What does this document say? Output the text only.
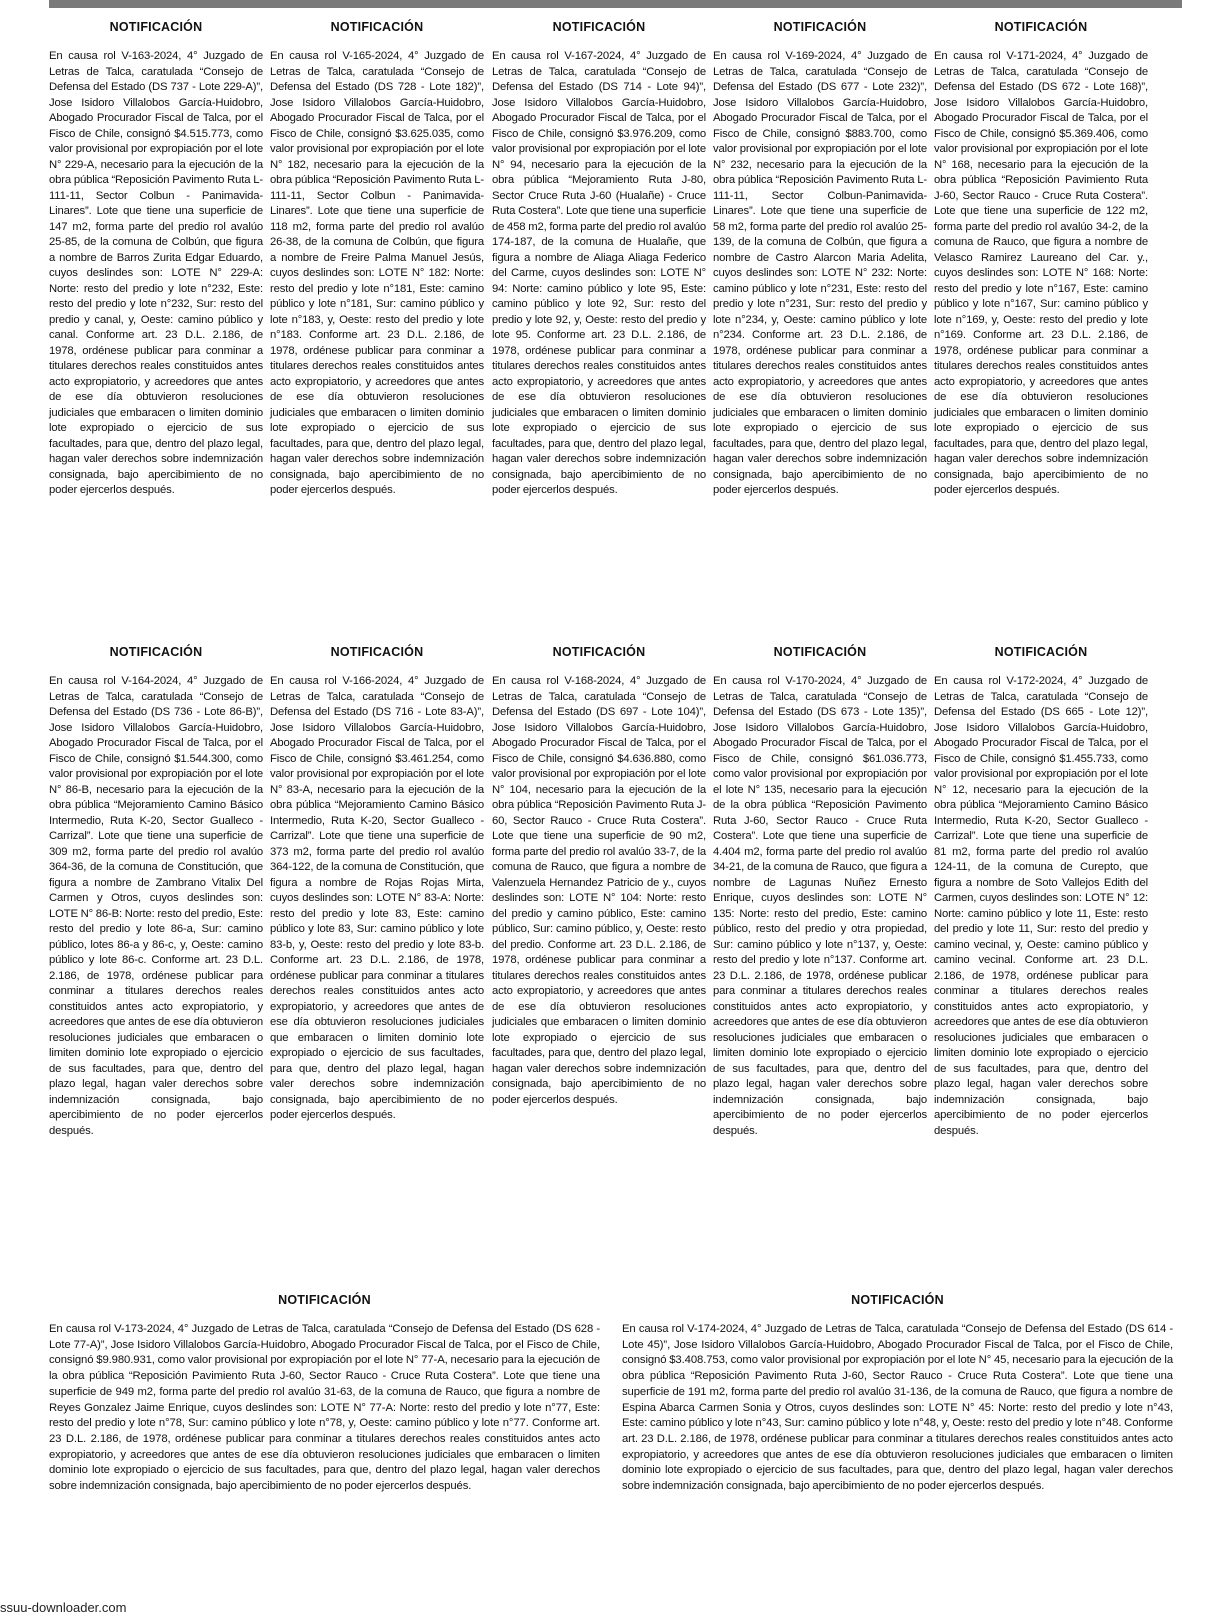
NOTIFICACIÓN
En causa rol V-163-2024, 4° Juzgado de Letras de Talca, caratulada “Consejo de Defensa del Estado (DS 737 - Lote 229-A)”, Jose Isidoro Villalobos García-Huidobro, Abogado Procurador Fiscal de Talca, por el Fisco de Chile, consignó $4.515.773, como valor provisional por expropiación por el lote N° 229-A, necesario para la ejecución de la obra pública “Reposición Pavimento Ruta L-111-11, Sector Colbun - Panimavida-Linares”. Lote que tiene una superficie de 147 m2, forma parte del predio rol avalúo 25-85, de la comuna de Colbún, que figura a nombre de Barros Zurita Edgar Eduardo, cuyos deslindes son: LOTE N° 229-A: Norte: resto del predio y lote n°232, Este: resto del predio y lote n°232, Sur: resto del predio y canal, y, Oeste: camino público y canal. Conforme art. 23 D.L. 2.186, de 1978, ordénese publicar para conminar a titulares derechos reales constituidos antes acto expropiatorio, y acreedores que antes de ese día obtuvieron resoluciones judiciales que embaracen o limiten dominio lote expropiado o ejercicio de sus facultades, para que, dentro del plazo legal, hagan valer derechos sobre indemnización consignada, bajo apercibimiento de no poder ejercerlos después.
NOTIFICACIÓN
En causa rol V-165-2024, 4° Juzgado de Letras de Talca, caratulada “Consejo de Defensa del Estado (DS 728 - Lote 182)”, Jose Isidoro Villalobos García-Huidobro, Abogado Procurador Fiscal de Talca, por el Fisco de Chile, consignó $3.625.035, como valor provisional por expropiación por el lote N° 182, necesario para la ejecución de la obra pública “Reposición Pavimento Ruta L-111-11, Sector Colbun - Panimavida-Linares”. Lote que tiene una superficie de 118 m2, forma parte del predio rol avalúo 26-38, de la comuna de Colbún, que figura a nombre de Freire Palma Manuel Jesús, cuyos deslindes son: LOTE N° 182: Norte: resto del predio y lote n°181, Este: camino público y lote n°181, Sur: camino público y lote n°183, y, Oeste: resto del predio y lote n°183. Conforme art. 23 D.L. 2.186, de 1978, ordénese publicar para conminar a titulares derechos reales constituidos antes acto expropiatorio, y acreedores que antes de ese día obtuvieron resoluciones judiciales que embaracen o limiten dominio lote expropiado o ejercicio de sus facultades, para que, dentro del plazo legal, hagan valer derechos sobre indemnización consignada, bajo apercibimiento de no poder ejercerlos después.
NOTIFICACIÓN
En causa rol V-167-2024, 4° Juzgado de Letras de Talca, caratulada “Consejo de Defensa del Estado (DS 714 - Lote 94)”, Jose Isidoro Villalobos García-Huidobro, Abogado Procurador Fiscal de Talca, por el Fisco de Chile, consignó $3.976.209, como valor provisional por expropiación por el lote N° 94, necesario para la ejecución de la obra pública “Mejoramiento Ruta J-80, Sector Cruce Ruta J-60 (Hualañe) - Cruce Ruta Costera”. Lote que tiene una superficie de 458 m2, forma parte del predio rol avalúo 174-187, de la comuna de Hualañe, que figura a nombre de Aliaga Aliaga Federico del Carme, cuyos deslindes son: LOTE N° 94: Norte: camino público y lote 95, Este: camino público y lote 92, Sur: resto del predio y lote 92, y, Oeste: resto del predio y lote 95. Conforme art. 23 D.L. 2.186, de 1978, ordénese publicar para conminar a titulares derechos reales constituidos antes acto expropiatorio, y acreedores que antes de ese día obtuvieron resoluciones judiciales que embaracen o limiten dominio lote expropiado o ejercicio de sus facultades, para que, dentro del plazo legal, hagan valer derechos sobre indemnización consignada, bajo apercibimiento de no poder ejercerlos después.
NOTIFICACIÓN
En causa rol V-169-2024, 4° Juzgado de Letras de Talca, caratulada “Consejo de Defensa del Estado (DS 677 - Lote 232)”, Jose Isidoro Villalobos García-Huidobro, Abogado Procurador Fiscal de Talca, por el Fisco de Chile, consignó $883.700, como valor provisional por expropiación por el lote N° 232, necesario para la ejecución de la obra pública “Reposición Pavimento Ruta L-111-11, Sector Colbun-Panimavida-Linares”. Lote que tiene una superficie de 58 m2, forma parte del predio rol avalúo 25-139, de la comuna de Colbún, que figura a nombre de Castro Alarcon Maria Adelita, cuyos deslindes son: LOTE N° 232: Norte: camino público y lote n°231, Este: resto del predio y lote n°231, Sur: resto del predio y lote n°234, y, Oeste: camino público y lote n°234. Conforme art. 23 D.L. 2.186, de 1978, ordénese publicar para conminar a titulares derechos reales constituidos antes acto expropiatorio, y acreedores que antes de ese día obtuvieron resoluciones judiciales que embaracen o limiten dominio lote expropiado o ejercicio de sus facultades, para que, dentro del plazo legal, hagan valer derechos sobre indemnización consignada, bajo apercibimiento de no poder ejercerlos después.
NOTIFICACIÓN
En causa rol V-171-2024, 4° Juzgado de Letras de Talca, caratulada “Consejo de Defensa del Estado (DS 672 - Lote 168)”, Jose Isidoro Villalobos García-Huidobro, Abogado Procurador Fiscal de Talca, por el Fisco de Chile, consignó $5.369.406, como valor provisional por expropiación por el lote N° 168, necesario para la ejecución de la obra pública “Reposición Pavimiento Ruta J-60, Sector Rauco - Cruce Ruta Costera”. Lote que tiene una superficie de 122 m2, forma parte del predio rol avalúo 34-2, de la comuna de Rauco, que figura a nombre de Velasco Ramirez Laureano del Car. y., cuyos deslindes son: LOTE N° 168: Norte: resto del predio y lote n°167, Este: camino público y lote n°167, Sur: camino público y lote n°169, y, Oeste: resto del predio y lote n°169. Conforme art. 23 D.L. 2.186, de 1978, ordénese publicar para conminar a titulares derechos reales constituidos antes acto expropiatorio, y acreedores que antes de ese día obtuvieron resoluciones judiciales que embaracen o limiten dominio lote expropiado o ejercicio de sus facultades, para que, dentro del plazo legal, hagan valer derechos sobre indemnización consignada, bajo apercibimiento de no poder ejercerlos después.
NOTIFICACIÓN
En causa rol V-164-2024, 4° Juzgado de Letras de Talca, caratulada “Consejo de Defensa del Estado (DS 736 - Lote 86-B)”, Jose Isidoro Villalobos García-Huidobro, Abogado Procurador Fiscal de Talca, por el Fisco de Chile, consignó $1.544.300, como valor provisional por expropiación por el lote N° 86-B, necesario para la ejecución de la obra pública “Mejoramiento Camino Básico Intermedio, Ruta K-20, Sector Gualleco - Carrizal”. Lote que tiene una superficie de 309 m2, forma parte del predio rol avalúo 364-36, de la comuna de Constitución, que figura a nombre de Zambrano Vitalix Del Carmen y Otros, cuyos deslindes son: LOTE N° 86-B: Norte: resto del predio, Este: resto del predio y lote 86-a, Sur: camino público, lotes 86-a y 86-c, y, Oeste: camino público y lote 86-c. Conforme art. 23 D.L. 2.186, de 1978, ordénese publicar para conminar a titulares derechos reales constituidos antes acto expropiatorio, y acreedores que antes de ese día obtuvieron resoluciones judiciales que embaracen o limiten dominio lote expropiado o ejercicio de sus facultades, para que, dentro del plazo legal, hagan valer derechos sobre indemnización consignada, bajo apercibimiento de no poder ejercerlos después.
NOTIFICACIÓN
En causa rol V-166-2024, 4° Juzgado de Letras de Talca, caratulada “Consejo de Defensa del Estado (DS 716 - Lote 83-A)”, Jose Isidoro Villalobos García-Huidobro, Abogado Procurador Fiscal de Talca, por el Fisco de Chile, consignó $3.461.254, como valor provisional por expropiación por el lote N° 83-A, necesario para la ejecución de la obra pública “Mejoramiento Camino Básico Intermedio, Ruta K-20, Sector Gualleco - Carrizal”. Lote que tiene una superficie de 373 m2, forma parte del predio rol avalúo 364-122, de la comuna de Constitución, que figura a nombre de Rojas Rojas Mirta, cuyos deslindes son: LOTE N° 83-A: Norte: resto del predio y lote 83, Este: camino público y lote 83, Sur: camino público y lote 83-b, y, Oeste: resto del predio y lote 83-b. Conforme art. 23 D.L. 2.186, de 1978, ordénese publicar para conminar a titulares derechos reales constituidos antes acto expropiatorio, y acreedores que antes de ese día obtuvieron resoluciones judiciales que embaracen o limiten dominio lote expropiado o ejercicio de sus facultades, para que, dentro del plazo legal, hagan valer derechos sobre indemnización consignada, bajo apercibimiento de no poder ejercerlos después.
NOTIFICACIÓN
En causa rol V-168-2024, 4° Juzgado de Letras de Talca, caratulada “Consejo de Defensa del Estado (DS 697 - Lote 104)”, Jose Isidoro Villalobos García-Huidobro, Abogado Procurador Fiscal de Talca, por el Fisco de Chile, consignó $4.636.880, como valor provisional por expropiación por el lote N° 104, necesario para la ejecución de la obra pública “Reposición Pavimento Ruta J-60, Sector Rauco - Cruce Ruta Costera”. Lote que tiene una superficie de 90 m2, forma parte del predio rol avalúo 33-7, de la comuna de Rauco, que figura a nombre de Valenzuela Hernandez Patricio de y., cuyos deslindes son: LOTE N° 104: Norte: resto del predio y camino público, Este: camino público, Sur: camino público, y, Oeste: resto del predio. Conforme art. 23 D.L. 2.186, de 1978, ordénese publicar para conminar a titulares derechos reales constituidos antes acto expropiatorio, y acreedores que antes de ese día obtuvieron resoluciones judiciales que embaracen o limiten dominio lote expropiado o ejercicio de sus facultades, para que, dentro del plazo legal, hagan valer derechos sobre indemnización consignada, bajo apercibimiento de no poder ejercerlos después.
NOTIFICACIÓN
En causa rol V-170-2024, 4° Juzgado de Letras de Talca, caratulada “Consejo de Defensa del Estado (DS 673 - Lote 135)”, Jose Isidoro Villalobos García-Huidobro, Abogado Procurador Fiscal de Talca, por el Fisco de Chile, consignó $61.036.773, como valor provisional por expropiación por el lote N° 135, necesario para la ejecución de la obra pública “Reposición Pavimento Ruta J-60, Sector Rauco - Cruce Ruta Costera”. Lote que tiene una superficie de 4.404 m2, forma parte del predio rol avalúo 34-21, de la comuna de Rauco, que figura a nombre de Lagunas Nuñez Ernesto Enrique, cuyos deslindes son: LOTE N° 135: Norte: resto del predio, Este: camino público, resto del predio y otra propiedad, Sur: camino público y lote n°137, y, Oeste: resto del predio y lote n°137. Conforme art. 23 D.L. 2.186, de 1978, ordénese publicar para conminar a titulares derechos reales constituidos antes acto expropiatorio, y acreedores que antes de ese día obtuvieron resoluciones judiciales que embaracen o limiten dominio lote expropiado o ejercicio de sus facultades, para que, dentro del plazo legal, hagan valer derechos sobre indemnización consignada, bajo apercibimiento de no poder ejercerlos después.
NOTIFICACIÓN
En causa rol V-172-2024, 4° Juzgado de Letras de Talca, caratulada “Consejo de Defensa del Estado (DS 665 - Lote 12)”, Jose Isidoro Villalobos García-Huidobro, Abogado Procurador Fiscal de Talca, por el Fisco de Chile, consignó $1.455.733, como valor provisional por expropiación por el lote N° 12, necesario para la ejecución de la obra pública “Mejoramiento Camino Básico Intermedio, Ruta K-20, Sector Gualleco - Carrizal”. Lote que tiene una superficie de 81 m2, forma parte del predio rol avalúo 124-11, de la comuna de Curepto, que figura a nombre de Soto Vallejos Edith del Carmen, cuyos deslindes son: LOTE N° 12: Norte: camino público y lote 11, Este: resto del predio y lote 11, Sur: resto del predio y camino vecinal, y, Oeste: camino público y camino vecinal. Conforme art. 23 D.L. 2.186, de 1978, ordénese publicar para conminar a titulares derechos reales constituidos antes acto expropiatorio, y acreedores que antes de ese día obtuvieron resoluciones judiciales que embaracen o limiten dominio lote expropiado o ejercicio de sus facultades, para que, dentro del plazo legal, hagan valer derechos sobre indemnización consignada, bajo apercibimiento de no poder ejercerlos después.
NOTIFICACIÓN
En causa rol V-173-2024, 4° Juzgado de Letras de Talca, caratulada “Consejo de Defensa del Estado (DS 628 - Lote 77-A)”, Jose Isidoro Villalobos García-Huidobro, Abogado Procurador Fiscal de Talca, por el Fisco de Chile, consignó $9.980.931, como valor provisional por expropiación por el lote N° 77-A, necesario para la ejecución de la obra pública “Reposición Pavimiento Ruta J-60, Sector Rauco - Cruce Ruta Costera”. Lote que tiene una superficie de 949 m2, forma parte del predio rol avalúo 31-63, de la comuna de Rauco, que figura a nombre de Reyes Gonzalez Jaime Enrique, cuyos deslindes son: LOTE N° 77-A: Norte: resto del predio y lote n°77, Este: resto del predio y lote n°78, Sur: camino público y lote n°78, y, Oeste: camino público y lote n°77. Conforme art. 23 D.L. 2.186, de 1978, ordénese publicar para conminar a titulares derechos reales constituidos antes acto expropiatorio, y acreedores que antes de ese día obtuvieron resoluciones judiciales que embaracen o limiten dominio lote expropiado o ejercicio de sus facultades, para que, dentro del plazo legal, hagan valer derechos sobre indemnización consignada, bajo apercibimiento de no poder ejercerlos después.
NOTIFICACIÓN
En causa rol V-174-2024, 4° Juzgado de Letras de Talca, caratulada “Consejo de Defensa del Estado (DS 614 - Lote 45)”, Jose Isidoro Villalobos García-Huidobro, Abogado Procurador Fiscal de Talca, por el Fisco de Chile, consignó $3.408.753, como valor provisional por expropiación por el lote N° 45, necesario para la ejecución de la obra pública “Reposición Pavimento Ruta J-60, Sector Rauco - Cruce Ruta Costera”. Lote que tiene una superficie de 191 m2, forma parte del predio rol avalúo 31-136, de la comuna de Rauco, que figura a nombre de Espina Abarca Carmen Sonia y Otros, cuyos deslindes son: LOTE N° 45: Norte: resto del predio y lote n°43, Este: camino público y lote n°43, Sur: camino público y lote n°48, y, Oeste: resto del predio y lote n°48. Conforme art. 23 D.L. 2.186, de 1978, ordénese publicar para conminar a titulares derechos reales constituidos antes acto expropiatorio, y acreedores que antes de ese día obtuvieron resoluciones judiciales que embaracen o limiten dominio lote expropiado o ejercicio de sus facultades, para que, dentro del plazo legal, hagan valer derechos sobre indemnización consignada, bajo apercibimiento de no poder ejercerlos después.
ssuu-downloader.com
